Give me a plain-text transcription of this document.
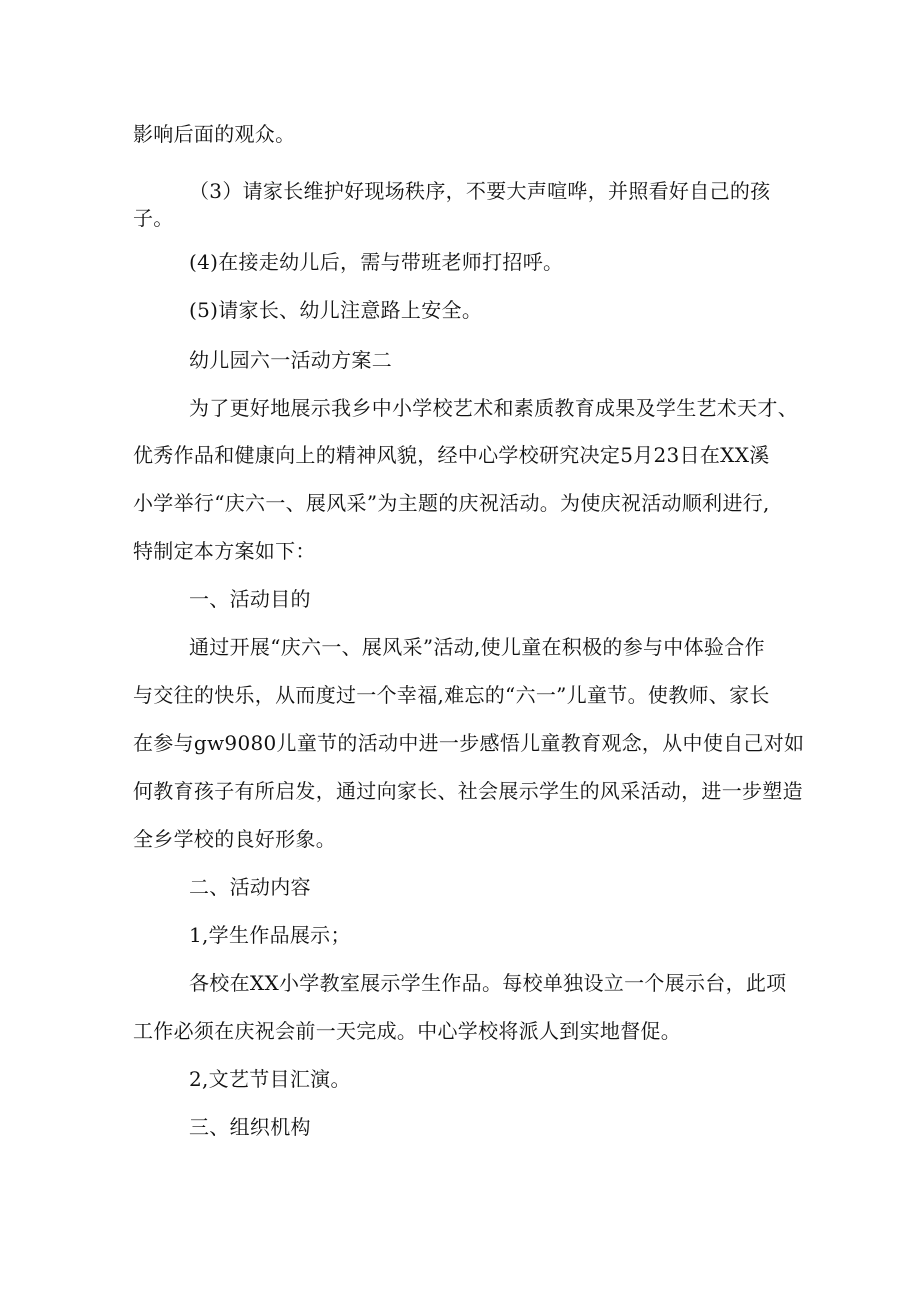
影响后面的观众。
（3）请家长维护好现场秩序，不要大声喧哗，并照看好自己的孩
子。
(4)在接走幼儿后，需与带班老师打招呼。
(5)请家长、幼儿注意路上安全。
幼儿园六一活动方案二
为了更好地展示我乡中小学校艺术和素质教育成果及学生艺术天才、
优秀作品和健康向上的精神风貌，经中心学校研究决定5月23日在XX溪
小学举行“庆六一、展风采”为主题的庆祝活动。为使庆祝活动顺利进行,
特制定本方案如下：
一、活动目的
通过开展“庆六一、展风采”活动,使儿童在积极的参与中体验合作
与交往的快乐，从而度过一个幸福,难忘的“六一”儿童节。使教师、家长
在参与gw9080儿童节的活动中进一步感悟儿童教育观念，从中使自己对如
何教育孩子有所启发，通过向家长、社会展示学生的风采活动，进一步塑造
全乡学校的良好形象。
二、活动内容
1,学生作品展示；
各校在XX小学教室展示学生作品。每校单独设立一个展示台，此项
工作必须在庆祝会前一天完成。中心学校将派人到实地督促。
2,文艺节目汇演。
三、组织机构
